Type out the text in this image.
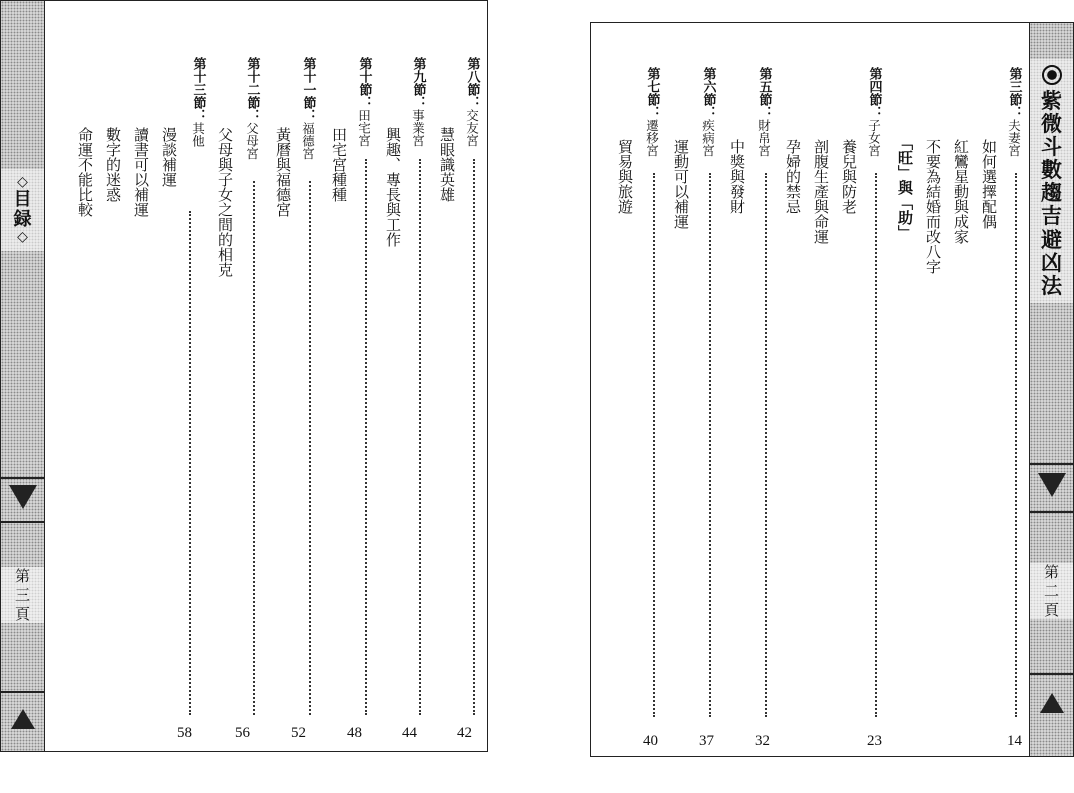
◇
目
録
◇
第
三
頁
第八節：交友宮
42
慧眼識英雄
第九節：事業宮
44
興趣、專長與工作
第十節：田宅宮
48
田宅宮種種
第十一節：福德宮
52
黃曆與福德宮
第十二節：父母宮
56
父母與子女之間的相克
第十三節：其他
58
漫談補運
讀書可以補運
數字的迷惑
命運不能比較
紫
微
斗
數
趨
吉
避
凶
法
第
二
頁
第三節：夫妻宮
14
如何選擇配偶
紅鸞星動與成家
不要為結婚而改八字
「旺」與「助」
第四節：子女宮
23
養兒與防老
剖腹生產與命運
孕婦的禁忌
第五節：財帛宮
32
中獎與發財
第六節：疾病宮
37
運動可以補運
第七節：遷移宮
40
貿易與旅遊
